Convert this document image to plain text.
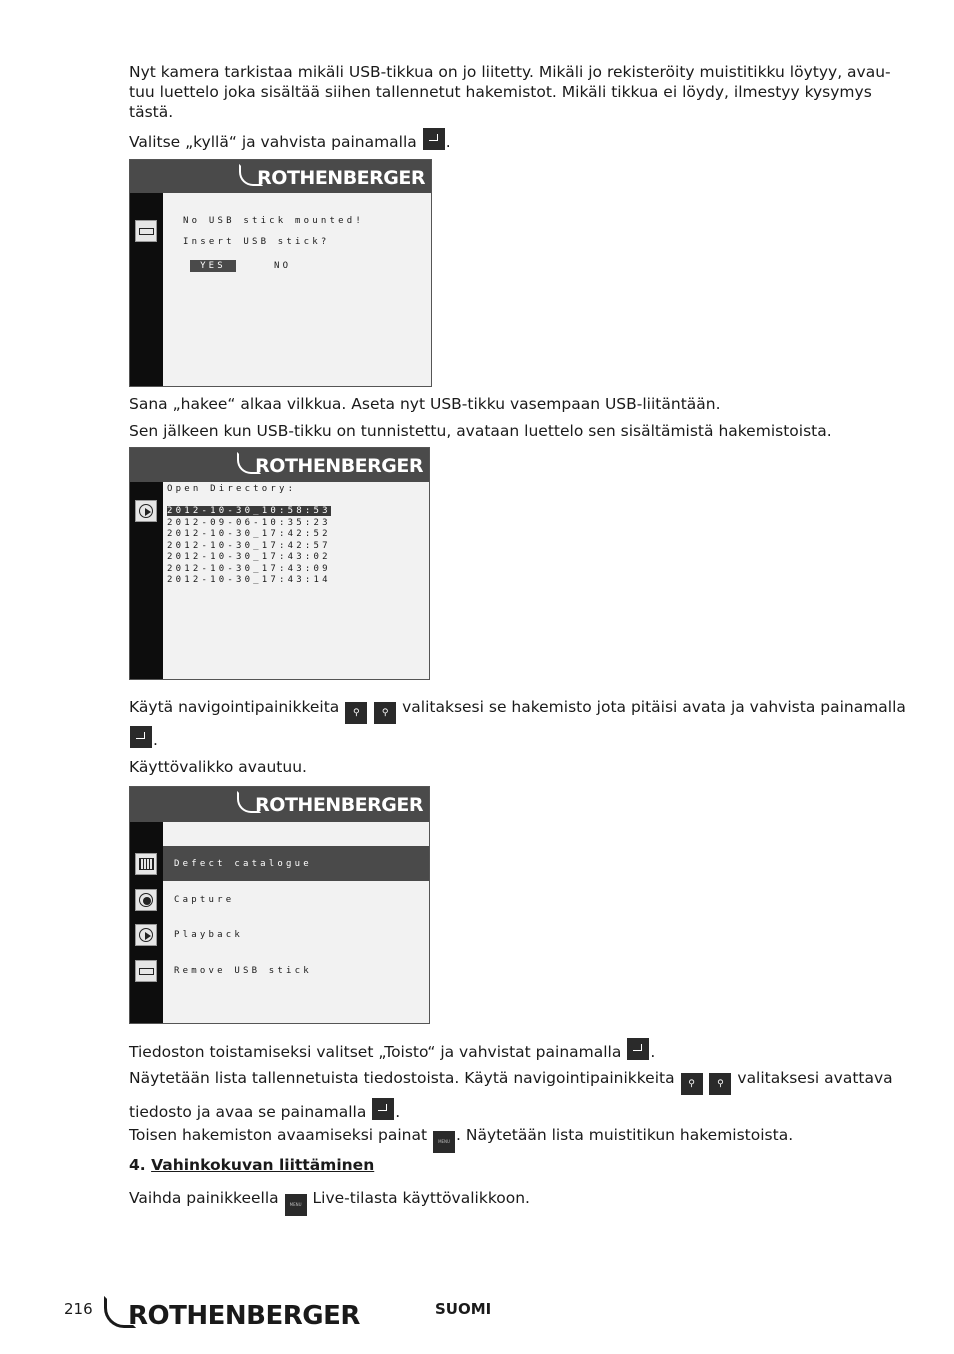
Nyt kamera tarkistaa mikäli USB-tikkua on jo liitetty. Mikäli jo rekisteröity muistitikku löytyy, avau-
tuu luettelo joka sisältää siihen tallennetut hakemistot. Mikäli tikkua ei löydy, ilmestyy kysymys
tästä.
Valitse „kyllä“ ja vahvista painamalla .
ROTHENBERGER
No USB stick mounted!
Insert USB stick?
YES	NO
Sana „hakee“ alkaa vilkkua. Aseta nyt USB-tikku vasempaan USB-liitäntään.
Sen jälkeen kun USB-tikku on tunnistettu, avataan luettelo sen sisältämistä hakemistoista.
ROTHENBERGER
Open Directory:
2012-10-30_10:58:53
2012-09-06-10:35:23
2012-10-30_17:42:52
2012-10-30_17:42:57
2012-10-30_17:43:02
2012-10-30_17:43:09
2012-10-30_17:43:14
Käytä navigointipainikkeita ⚲ ⚲ valitaksesi se hakemisto jota pitäisi avata ja vahvista painamalla
.
Käyttövalikko avautuu.
ROTHENBERGER
Defect catalogue
Capture
Playback
Remove USB stick
Tiedoston toistamiseksi valitset „Toisto“ ja vahvistat painamalla .
Näytetään lista tallennetuista tiedostoista. Käytä navigointipainikkeita ⚲ ⚲ valitaksesi avattava
tiedosto ja avaa se painamalla .
Toisen hakemiston avaamiseksi painat	MENU . Näytetään lista muistitikun hakemistoista.
4. Vahinkokuvan liittäminen
Vaihda painikkeella	MENU Live-tilasta käyttövalikkoon.
216	ROTHENBERGER	SUOMI
